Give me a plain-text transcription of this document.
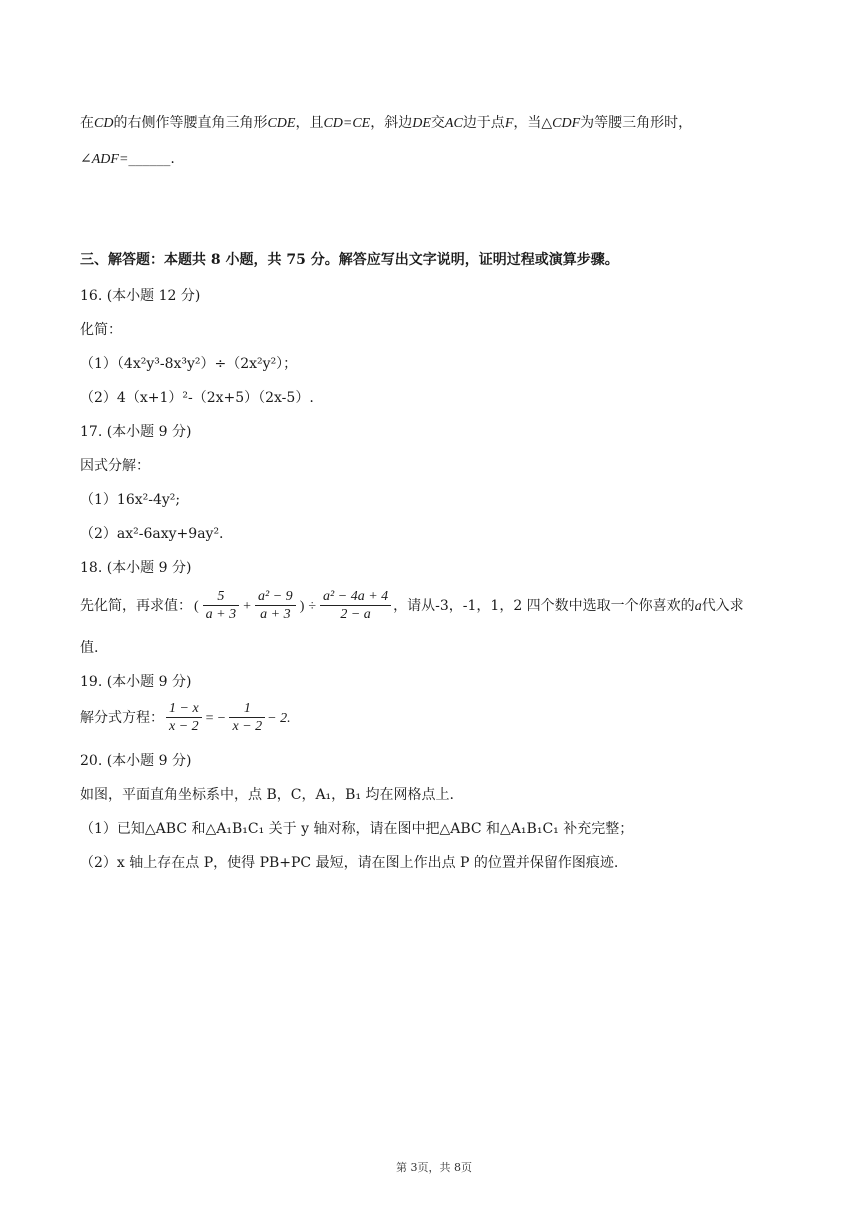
在CD的右侧作等腰直角三角形CDE，且CD=CE，斜边DE交AC边于点F，当△CDF为等腰三角形时，
∠ADF=______.
三、解答题：本题共 8 小题，共 75 分。解答应写出文字说明，证明过程或演算步骤。
16. (本小题 12 分)
化简：
（1）（4x²y³-8x³y²）÷（2x²y²）；
（2）4（x+1）²-（2x+5）（2x-5）.
17. (本小题 9 分)
因式分解：
（1）16x²-4y²;
（2）ax²-6axy+9ay².
18. (本小题 9 分)
先化简，再求值： ( $\frac{5}{a + 3} + \frac{\text{a² − 9}}{a + 3}$ ) ÷ $\frac{\text{a² − 4a + 4}}{2 - a}$ ，请从-3，-1，1，2 四个数中选取一个你喜欢的a代入求
值.
19. (本小题 9 分)
解分式方程： $\frac{1 - x}{x - 2}$ = − $\frac{1}{x - 2} - 2$.
20. (本小题 9 分)
如图，平面直角坐标系中，点 B，C，A₁，B₁ 均在网格点上.
（1）已知△ABC 和△A₁B₁C₁ 关于 y 轴对称，请在图中把△ABC 和△A₁B₁C₁ 补充完整；
（2）x 轴上存在点 P，使得 PB+PC 最短，请在图上作出点 P 的位置并保留作图痕迹.
第 3页，共 8页
